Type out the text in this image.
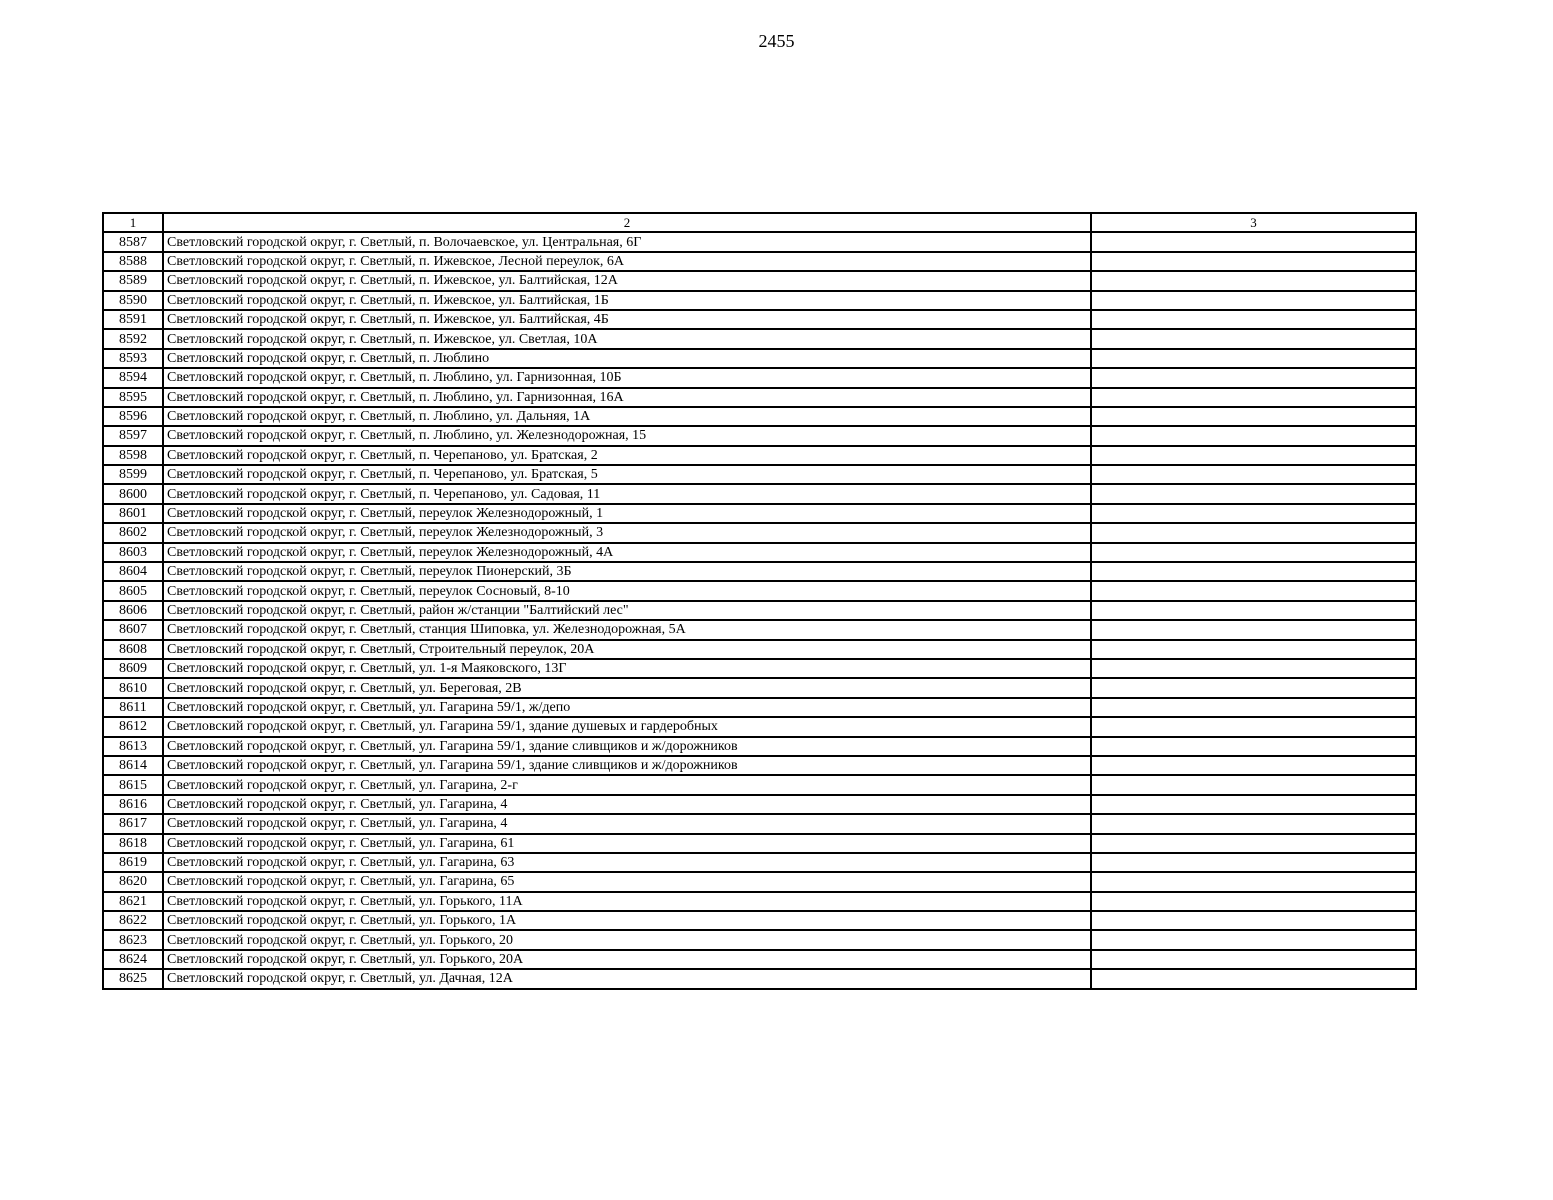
2455
1	2	3
8587	Светловский городской округ, г. Светлый, п. Волочаевское, ул. Центральная, 6Г	
8588	Светловский городской округ, г. Светлый, п. Ижевское, Лесной переулок, 6А	
8589	Светловский городской округ, г. Светлый, п. Ижевское, ул. Балтийская, 12А	
8590	Светловский городской округ, г. Светлый, п. Ижевское, ул. Балтийская, 1Б	
8591	Светловский городской округ, г. Светлый, п. Ижевское, ул. Балтийская, 4Б	
8592	Светловский городской округ, г. Светлый, п. Ижевское, ул. Светлая, 10А	
8593	Светловский городской округ, г. Светлый, п. Люблино	
8594	Светловский городской округ, г. Светлый, п. Люблино, ул. Гарнизонная, 10Б	
8595	Светловский городской округ, г. Светлый, п. Люблино, ул. Гарнизонная, 16А	
8596	Светловский городской округ, г. Светлый, п. Люблино, ул. Дальняя, 1А	
8597	Светловский городской округ, г. Светлый, п. Люблино, ул. Железнодорожная, 15	
8598	Светловский городской округ, г. Светлый, п. Черепаново, ул. Братская, 2	
8599	Светловский городской округ, г. Светлый, п. Черепаново, ул. Братская, 5	
8600	Светловский городской округ, г. Светлый, п. Черепаново, ул. Садовая, 11	
8601	Светловский городской округ, г. Светлый, переулок Железнодорожный, 1	
8602	Светловский городской округ, г. Светлый, переулок Железнодорожный, 3	
8603	Светловский городской округ, г. Светлый, переулок Железнодорожный, 4А	
8604	Светловский городской округ, г. Светлый, переулок Пионерский, 3Б	
8605	Светловский городской округ, г. Светлый, переулок Сосновый, 8-10	
8606	Светловский городской округ, г. Светлый, район ж/станции "Балтийский лес"	
8607	Светловский городской округ, г. Светлый, станция Шиповка, ул. Железнодорожная, 5А	
8608	Светловский городской округ, г. Светлый, Строительный переулок, 20А	
8609	Светловский городской округ, г. Светлый, ул. 1-я Маяковского, 13Г	
8610	Светловский городской округ, г. Светлый, ул. Береговая, 2В	
8611	Светловский городской округ, г. Светлый, ул. Гагарина 59/1, ж/депо	
8612	Светловский городской округ, г. Светлый, ул. Гагарина 59/1, здание душевых и гардеробных	
8613	Светловский городской округ, г. Светлый, ул. Гагарина 59/1, здание сливщиков и ж/дорожников	
8614	Светловский городской округ, г. Светлый, ул. Гагарина 59/1, здание сливщиков и ж/дорожников	
8615	Светловский городской округ, г. Светлый, ул. Гагарина, 2-г	
8616	Светловский городской округ, г. Светлый, ул. Гагарина, 4	
8617	Светловский городской округ, г. Светлый, ул. Гагарина, 4	
8618	Светловский городской округ, г. Светлый, ул. Гагарина, 61	
8619	Светловский городской округ, г. Светлый, ул. Гагарина, 63	
8620	Светловский городской округ, г. Светлый, ул. Гагарина, 65	
8621	Светловский городской округ, г. Светлый, ул. Горького, 11А	
8622	Светловский городской округ, г. Светлый, ул. Горького, 1А	
8623	Светловский городской округ, г. Светлый, ул. Горького, 20	
8624	Светловский городской округ, г. Светлый, ул. Горького, 20А	
8625	Светловский городской округ, г. Светлый, ул. Дачная, 12А	
